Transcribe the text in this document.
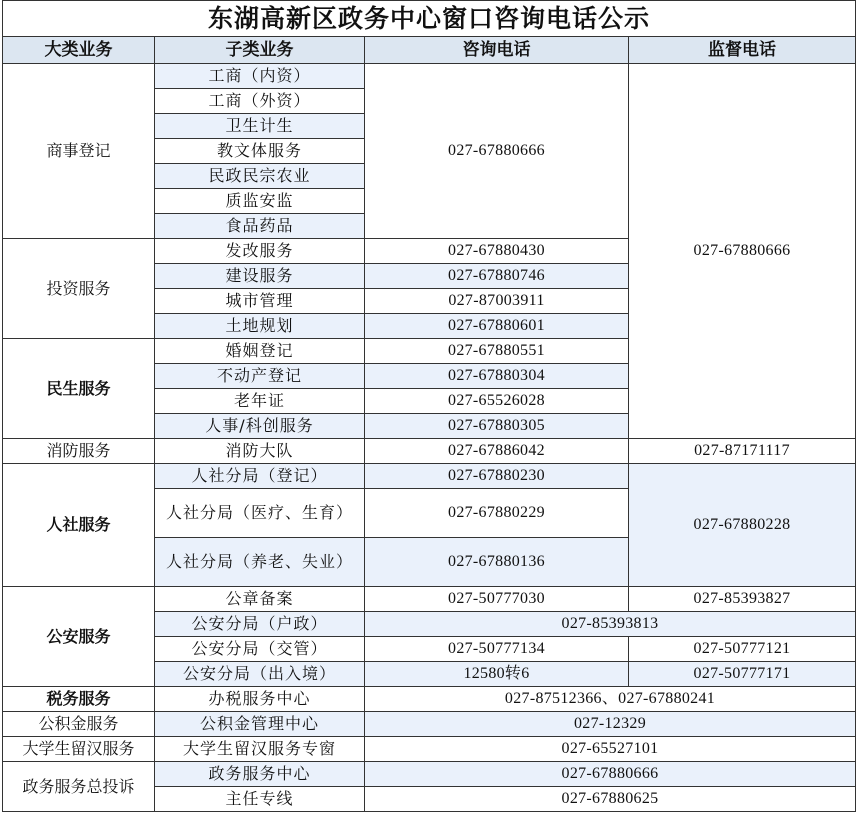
东湖高新区政务中心窗口咨询电话公示			
大类业务	子类业务	咨询电话	监督电话
商事登记	工商（内资）	027-67880666	027-67880666
	工商（外资）		
	卫生计生		
	教文体服务		
	民政民宗农业		
	质监安监		
	食品药品		
投资服务	发改服务	027-67880430	
	建设服务	027-67880746	
	城市管理	027-87003911	
	土地规划	027-67880601	
民生服务	婚姻登记	027-67880551	
	不动产登记	027-67880304	
	老年证	027-65526028	
	人事/科创服务	027-67880305	
消防服务	消防大队	027-67886042	027-87171117
人社服务	人社分局（登记）	027-67880230	027-67880228
	人社分局（医疗、生育）	027-67880229	
	人社分局（养老、失业）	027-67880136	
公安服务	公章备案	027-50777030	027-85393827
	公安分局（户政）	027-85393813	
	公安分局（交管）	027-50777134	027-50777121
	公安分局（出入境）	12580转6	027-50777171
税务服务	办税服务中心	027-87512366、027-67880241	
公积金服务	公积金管理中心	027-12329	
大学生留汉服务	大学生留汉服务专窗	027-65527101	
政务服务总投诉	政务服务中心	027-67880666	
	主任专线	027-67880625	
